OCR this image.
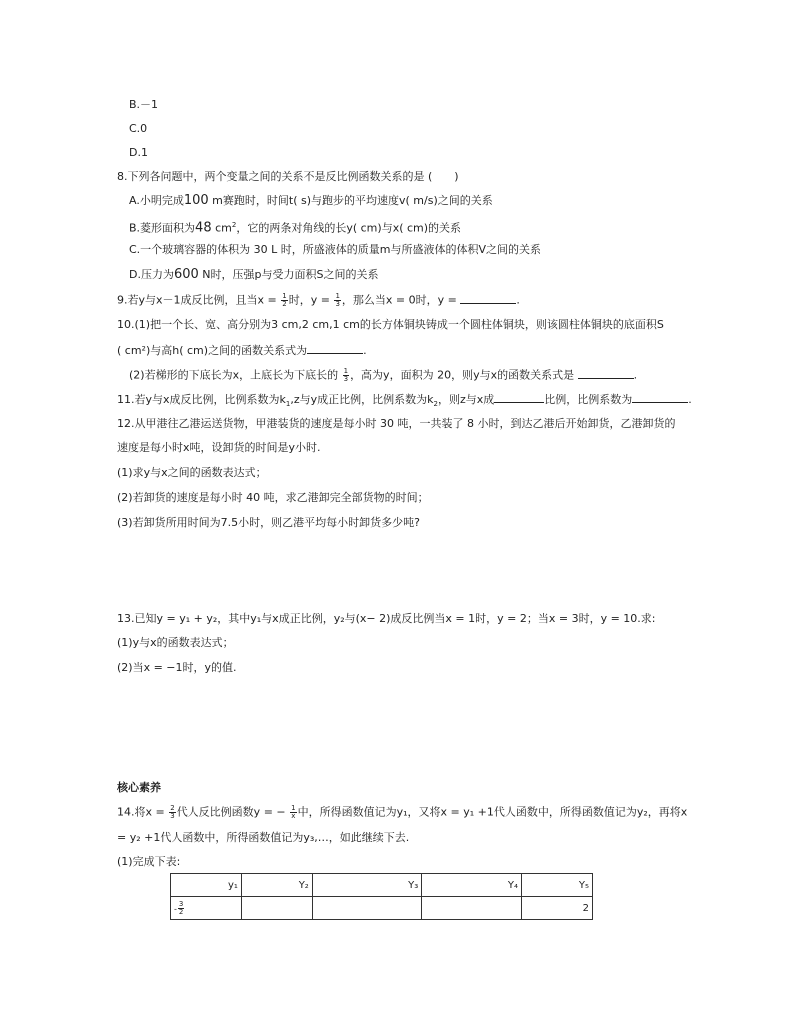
B.－1
C.0
D.1
8.下列各问题中，两个变量之间的关系不是反比例函数关系的是 (　　)
A.小明完成100 m赛跑时，时间t( s)与跑步的平均速度v( m/s)之间的关系
B.菱形面积为48 $cm^2$，它的两条对角线的长y( cm)与x( cm)的关系
C.一个玻璃容器的体积为 30 L 时，所盛液体的质量m与所盛液体的体积V之间的关系
D.压力为600 N时，压强p与受力面积S之间的关系
9.若y与x－1成反比例，且当$x = \frac{1}{2}$ 时，$y = \frac{1}{3}$ ，那么当x = 0时，y =	.
10.(1)把一个长、宽、高分别为3 cm,2 cm,1 cm的长方体铜块铸成一个圆柱体铜块，则该圆柱体铜块的底面积S
( cm²)与高h( cm)之间的函数关系式为	.
(2)若梯形的下底长为x，上底长为下底长的 $\frac{1}{3}$ ，高为y，面积为 20，则y与x的函数关系式是	.
11.若y与x成反比例，比例系数为$k_1,z$与y成正比例，比例系数为$k_2$，则z与x成	比例，比例系数为	.
12.从甲港往乙港运送货物，甲港装货的速度是每小时 30 吨，一共装了 8 小时，到达乙港后开始卸货，乙港卸货的
速度是每小时x吨，设卸货的时间是y小时.
(1)求y与x之间的函数表达式；
(2)若卸货的速度是每小时 40 吨，求乙港卸完全部货物的时间；
(3)若卸货所用时间为7.5小时，则乙港平均每小时卸货多少吨?
13.已知y = y₁ + y₂，其中y₁与x成正比例，y₂与(x− 2)成反比例当x = 1时，y = 2；当x = 3时，y = 10.求:
(1)y与x的函数表达式；
(2)当x = −1时，y的值.
核心素养
14.将$x = \frac{2}{3}$ 代人反比例函数y = − $\frac{1}{x}$ 中，所得函数值记为y₁，又将x = y₁ +1代人函数中，所得函数值记为y₂，再将x
= y₂ +1代人函数中，所得函数值记为y₃,…，如此继续下去.
(1)完成下表:
y₁	Y₂	Y₃	Y₄	Y₅
- $\frac{3}{2}$				2
